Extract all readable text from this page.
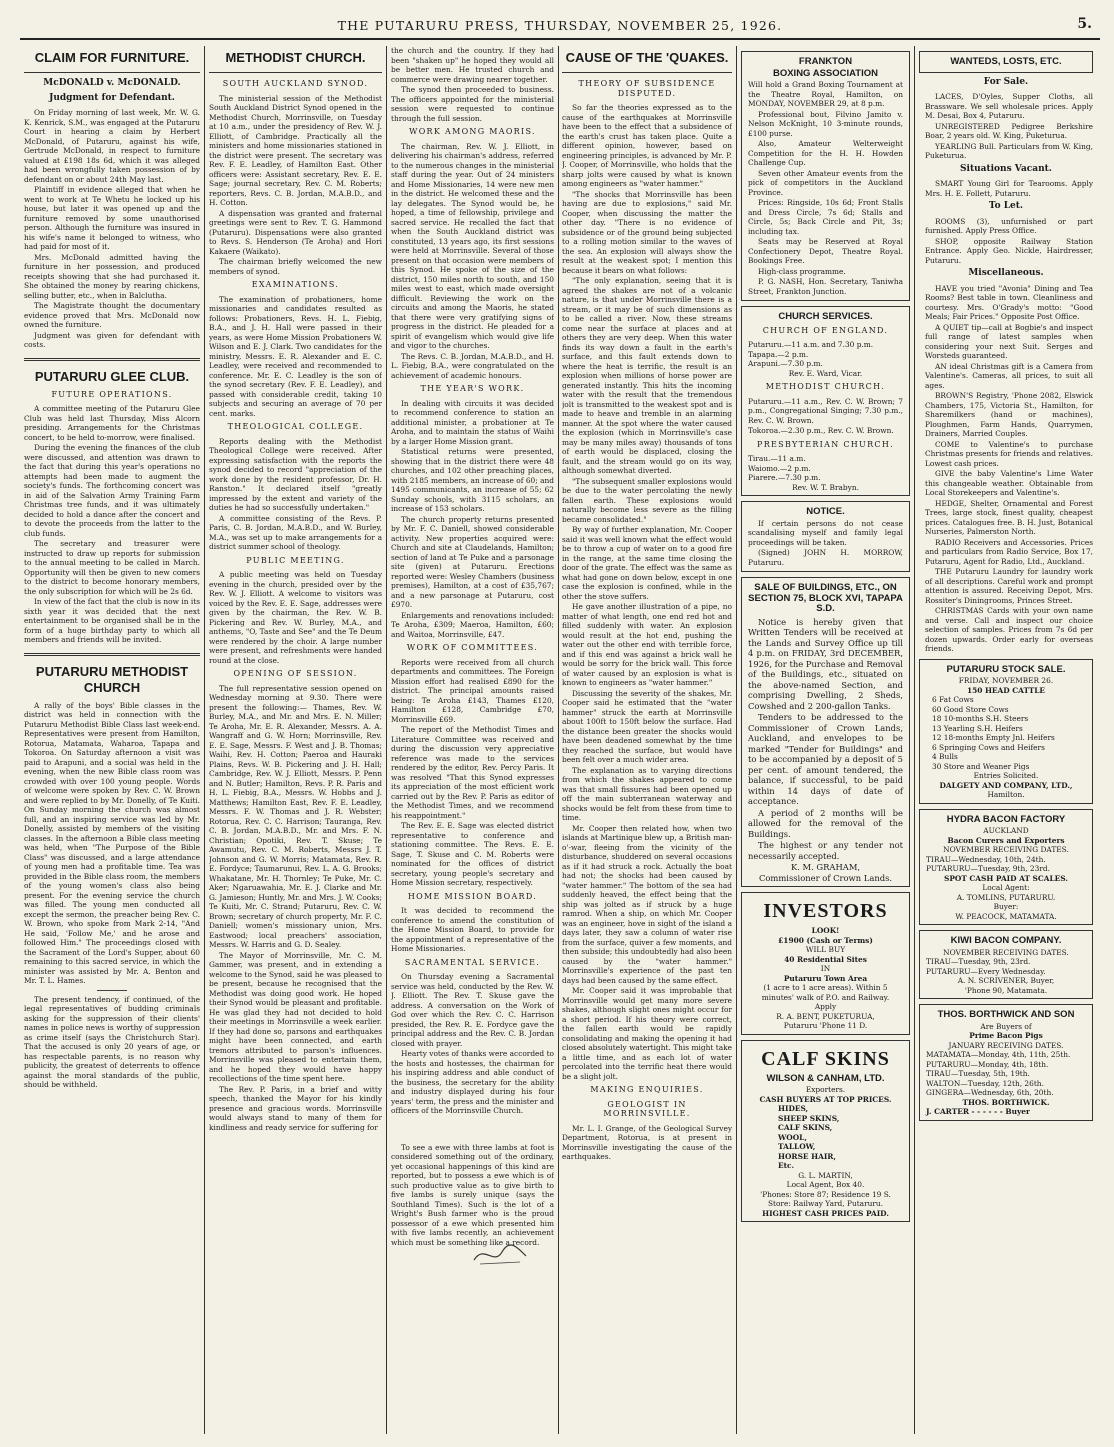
THE PUTARURU PRESS, THURSDAY, NOVEMBER 25, 1926.	5.
CLAIM FOR FURNITURE.
McDONALD v. McDONALD.
Judgment for Defendant.

On Friday morning of last week, Mr. W. G. K. Kenrick, S.M., was engaged at the Putaruru Court in hearing a claim by Herbert McDonald, of Putaruru, against his wife, Gertrude McDonald, in respect to furniture valued at £198 18s 6d, which it was alleged had been wrongfully taken possession of by defendant on or about 24th May last.

Plaintiff in evidence alleged that when he went to work at Te Whetu he locked up his house, but later it was opened up and the furniture removed by some unauthorised person. Although the furniture was insured in his wife's name it belonged to witness, who had paid for most of it.

Mrs. McDonald admitted having the furniture in her possession, and produced receipts showing that she had purchased it. She obtained the money by rearing chickens, selling butter, etc., when in Balclutha.

The Magistrate thought the documentary evidence proved that Mrs. McDonald now owned the furniture.

Judgment was given for defendant with costs.

PUTARURU GLEE CLUB.
FUTURE OPERATIONS.

A committee meeting of the Putaruru Glee Club was held last Thursday, Miss Alcorn presiding. Arrangements for the Christmas concert, to be held to-morrow, were finalised.

During the evening the finances of the club were discussed, and attention was drawn to the fact that during this year's operations no attempts had been made to augment the society's funds. The forthcoming concert was in aid of the Salvation Army Training Farm Christmas tree funds, and it was ultimately decided to hold a dance after the concert and to devote the proceeds from the latter to the club funds.

The secretary and treasurer were instructed to draw up reports for submission to the annual meeting to be called in March. Opportunity will then be given to new comers to the district to become honorary members, the only subscription for which will be 2s 6d.

In view of the fact that the club is now in its sixth year it was decided that the next entertainment to be organised shall be in the form of a huge birthday party to which all members and friends will be invited.

PUTARURU METHODIST CHURCH

A rally of the boys' Bible classes in the district was held in connection with the Putaruru Methodist Bible Class last week-end. Representatives were present from Hamilton, Rotorua, Matamata, Waharoa, Tapapa and Tokoroa. On Saturday afternoon a visit was paid to Arapuni, and a social was held in the evening, when the new Bible class room was crowded with over 100 young people. Words of welcome were spoken by Rev. C. W. Brown and were replied to by Mr. Donelly, of Te Kuiti. On Sunday morning the church was almost full, and an inspiring service was led by Mr. Donelly, assisted by members of the visiting classes. In the afternoon a Bible class meeting was held, when "The Purpose of the Bible Class" was discussed, and a large attendance of young men had a profitable time. Tea was provided in the Bible class room, the members of the young women's class also being present. For the evening service the church was filled. The young men conducted all except the sermon, the preacher being Rev. C. W. Brown, who spoke from Mark 2-14, "And He said, 'Follow Me,' and he arose and followed Him." The proceedings closed with the Sacrament of the Lord's Supper, about 60 remaining to this sacred service, in which the minister was assisted by Mr. A. Benton and Mr. T. L. Hames.

The present tendency, if continued, of the legal representatives of budding criminals asking for the suppression of their clients' names in police news is worthy of suppression as crime itself (says the Christchurch Star). That the accused is only 20 years of age, or has respectable parents, is no reason why publicity, the greatest of deterrents to offence against the moral standards of the public, should be withheld.

METHODIST CHURCH.
SOUTH AUCKLAND SYNOD.

The ministerial session of the Methodist South Auckland District Synod opened in the Methodist Church, Morrinsville, on Tuesday at 10 a.m., under the presidency of Rev. W. J. Elliott, of Cambridge. Practically all the ministers and home missionaries stationed in the district were present. The secretary was Rev. F. E. Leadley, of Hamilton East. Other officers were: Assistant secretary, Rev. E. E. Sage; journal secretary, Rev. C. M. Roberts; reporters, Revs. C. B. Jordan, M.A.B.D., and H. Cotton.

A dispensation was granted and fraternal greetings were sent to Rev. T. G. Hammond (Putaruru). Dispensations were also granted to Revs. S. Henderson (Te Aroha) and Hori Kakaere (Waikato).

The chairman briefly welcomed the new members of synod.

EXAMINATIONS.

The examination of probationers, home missionaries and candidates resulted as follows: Probationers, Revs. H. L. Fiebig, B.A., and J. H. Hall were passed in their years, as were Home Mission Probationers W. Wilson and E. J. Clark. Two candidates for the ministry, Messrs. E. R. Alexander and E. C. Leadley, were received and recommended to conference. Mr. E. C. Leadley is the son of the synod secretary (Rev. F. E. Leadley), and passed with considerable credit, taking 10 subjects and securing an average of 70 per cent. marks.

THEOLOGICAL COLLEGE.

Reports dealing with the Methodist Theological College were received. After expressing satisfaction with the reports the synod decided to record "appreciation of the work done by the resident professor, Dr. H. Ranston." It declared itself "greatly impressed by the extent and variety of the duties he had so successfully undertaken."

A committee consisting of the Revs. P. Paris, C. B. Jordan, M.A.B.D., and W. Burley, M.A., was set up to make arrangements for a district summer school of theology.

PUBLIC MEETING.

A public meeting was held on Tuesday evening in the church, presided over by the Rev. W. J. Elliott. A welcome to visitors was voiced by the Rev. E. E. Sage, addresses were given by the chairman, the Rev. W. B. Pickering and Rev. W. Burley, M.A., and anthems, "O, Taste and See" and the Te Deum were rendered by the choir. A large number were present, and refreshments were handed round at the close.

OPENING OF SESSION.

The full representative session opened on Wednesday morning at 9.30. There were present the following:— Thames, Rev. W. Burley, M.A., and Mr. and Mrs. E. N. Miller; Te Aroha, Mr. E. R. Alexander, Messrs. A. A. Wangraff and G. W. Horn; Morrinsville, Rev. E. E. Sage, Messrs. F. West and J. B. Thomas; Waihi, Rev. H. Cotton; Paeroa and Hauraki Plains, Revs. W. B. Pickering and J. H. Hall; Cambridge, Rev. W. J. Elliott, Messrs. P. Penn and N. Butler; Hamilton, Revs. P. R. Paris and H. L. Fiebig, B.A., Messrs. W. Hobbs and J. Matthews; Hamilton East, Rev. F. E. Leadley, Messrs. F. W. Thomas and J. R. Webster; Rotorua, Rev. C. C. Harrison; Tauranga, Rev. C. B. Jordan, M.A.B.D., Mr. and Mrs. F. N. Christian; Opotiki, Rev. T. Skuse; Te Awamutu, Rev. C. M. Roberts, Messrs J. T. Johnson and G. W. Morris; Matamata, Rev. R. E. Fordyce; Taumarunui, Rev. L. A. G. Brooks; Whakatane, Mr. H. Thornley; Te Puke, Mr. C. Aker; Ngaruawahia, Mr. E. J. Clarke and Mr. G. Jamieson; Huntly, Mr. and Mrs. J. W. Cooks; Te Kuiti, Mr. C. Strand; Putaruru, Rev. C. W. Brown; secretary of church property, Mr. F. C. Daniell; women's missionary union, Mrs. Eastwood; local preachers' association, Messrs. W. Harris and G. D. Sealey.

The Mayor of Morrinsville, Mr. C. M. Gammer, was present, and in extending a welcome to the Synod, said he was pleased to be present, because he recognised that the Methodist was doing good work. He hoped their Synod would be pleasant and profitable. He was glad they had not decided to hold their meetings in Morrinsville a week earlier. If they had done so, parsons and earthquakes might have been connected, and earth tremors attributed to parson's influences. Morrinsville was pleased to entertain them, and he hoped they would have happy recollections of the time spent here.

The Rev. P. Paris, in a brief and witty speech, thanked the Mayor for his kindly presence and gracious words. Morrinsville would always stand to many of them for kindliness and ready service for suffering for

the church and the country. If they had been "shaken up" he hoped they would all be better men. He trusted church and commerce were drawing nearer together.

The synod then proceeded to business. The officers appointed for the ministerial session were requested to continue through the full session.

WORK AMONG MAORIS.

The chairman, Rev. W. J. Elliott, in delivering his chairman's address, referred to the numerous changes in the ministerial staff during the year. Out of 24 ministers and Home Missionaries, 14 were new men in the district. He welcomed these and the lay delegates. The Synod would be, he hoped, a time of fellowship, privilege and sacred service. He recalled the fact that when the South Auckland district was constituted, 13 years ago, its first sessions were held at Morrinsville. Several of those present on that occasion were members of this Synod. He spoke of the size of the district, 150 miles north to south, and 150 miles west to east, which made oversight difficult. Reviewing the work on the circuits and among the Maoris, he stated that there were very gratifying signs of progress in the district. He pleaded for a spirit of evangelism which would give life and vigor to the churches.

The Revs. C. B. Jordan, M.A.B.D., and H. L. Fiebig, B.A., were congratulated on the achievement of academic honours.

THE YEAR'S WORK.

In dealing with circuits it was decided to recommend conference to station an additional minister, a probationer at Te Aroha, and to maintain the status of Waihi by a larger Home Mission grant.

Statistical returns were presented, showing that in the district there were 48 churches, and 102 other preaching places, with 2185 members, an increase of 60; and 1495 communicants, an increase of 55; 62 Sunday schools, with 3115 scholars, an increase of 153 scholars.

The church property returns presented by Mr. F. C. Daniell, showed considerable activity. New properties acquired were: Church and site at Claudelands, Hamilton; section of land at Te Puke and a parsonage site (given) at Putaruru. Erections reported were: Wesley Chambers (business premises), Hamilton, at a cost of £35,767; and a new parsonage at Putaruru, cost £970.

Enlargements and renovations included: Te Aroha, £309; Maeroa, Hamilton, £60; and Waitoa, Morrinsville, £47.

WORK OF COMMITTEES.

Reports were received from all church departments and committees. The Foreign Mission effort had realised £890 for the district. The principal amounts raised being: Te Aroha £143, Thames £120, Hamilton £128, Cambridge £70, Morrinsville £69.

The report of the Methodist Times and Literature Committee was received and during the discussion very appreciative reference was made to the services rendered by the editor, Rev. Percy Paris. It was resolved "That this Synod expresses its appreciation of the most efficient work carried out by the Rev. P. Paris as editor of the Methodist Times, and we recommend his reappointment."

The Rev. E. E. Sage was elected district representative to conference and stationing committee. The Revs. E. E. Sage, T. Skuse and C. M. Roberts were nominated for the offices of district secretary, young people's secretary and Home Mission secretary, respectively.

HOME MISSION BOARD.

It was decided to recommend the conference to amend the constitution of the Home Mission Board, to provide for the appointment of a representative of the Home Missionaries.

SACRAMENTAL SERVICE.

On Thursday evening a Sacramental service was held, conducted by the Rev. W. J. Elliott. The Rev. T. Skuse gave the address. A conversation on the Work of God over which the Rev. C. C. Harrison presided, the Rev. R. E. Fordyce gave the principal address and the Rev. C. B. Jordan closed with prayer.

Hearty votes of thanks were accorded to the hosts and hostesses, the chairman for his inspiring address and able conduct of the business, the secretary for the ability and industry displayed during his four years' term, the press and the minister and officers of the Morrinsville Church.

To see a ewe with three lambs at foot is considered something out of the ordinary, yet occasional happenings of this kind are reported, but to possess a ewe which is of such productive value as to give birth to five lambs is surely unique (says the Southland Times). Such is the lot of a Wright's Bush farmer who is the proud possessor of a ewe which presented him with five lambs recently, an achievement which must be something like a record.

CAUSE OF THE 'QUAKES.
THEORY OF SUBSIDENCE DISPUTED.

So far the theories expressed as to the cause of the earthquakes at Morrinsville have been to the effect that a subsidence of the earth's crust has taken place. Quite a different opinion, however, based on engineering principles, is advanced by Mr. P. J. Cooper, of Morrinsville, who holds that the sharp jolts were caused by what is known among engineers as "water hammer."

"The shocks that Morrinsville has been having are due to explosions," said Mr. Cooper, when discussing the matter the other day. "There is no evidence of subsidence or of the ground being subjected to a rolling motion similar to the waves of the sea. An explosion will always show the result at the weakest spot; I mention this because it bears on what follows:

"The only explanation, seeing that it is agreed the shakes are not of a volcanic nature, is that under Morrinsville there is a stream, or it may be of such dimensions as to be called a river. Now, these streams come near the surface at places and at others they are very deep. When this water finds its way down a fault in the earth's surface, and this fault extends down to where the heat is terrific, the result is an explosion when millions of horse power are generated instantly. This hits the incoming water with the result that the tremendous jolt is transmitted to the weakest spot and is made to heave and tremble in an alarming manner. At the spot where the water caused the explosion (which in Morrinsville's case may be many miles away) thousands of tons of earth would be displaced, closing the fault, and the stream would go on its way, although somewhat diverted.

"The subsequent smaller explosions would be due to the water percolating the newly fallen earth. These explosions would naturally become less severe as the filling became consolidated."

By way of further explanation, Mr. Cooper said it was well known what the effect would be to throw a cup of water on to a good fire in the range, at the same time closing the door of the grate. The effect was the same as what had gone on down below, except in one case the explosion is confined, while in the other the stove suffers.

He gave another illustration of a pipe, no matter of what length, one end red hot and filled suddenly with water. An explosion would result at the hot end, pushing the water out the other end with terrible force, and if this end was against a brick wall he would be sorry for the brick wall. This force of water caused by an explosion is what is known to engineers as "water hammer."

Discussing the severity of the shakes, Mr. Cooper said he estimated that the "water hammer" struck the earth at Morrinsville about 100ft to 150ft below the surface. Had the distance been greater the shocks would have been deadened somewhat by the time they reached the surface, but would have been felt over a much wider area.

The explanation as to varying directions from which the shakes appeared to come was that small fissures had been opened up off the main subterranean waterway and shocks would be felt from these from time to time.

Mr. Cooper then related how, when two islands at Martinique blew up, a British man-o'-war, fleeing from the vicinity of the disturbance, shuddered on several occasions as if it had struck a rock. Actually the boat had not; the shocks had been caused by "water hammer." The bottom of the sea had suddenly heaved, the effect being that the ship was jolted as if struck by a huge ramrod. When a ship, on which Mr. Cooper was an engineer, hove in sight of the island a days later, they saw a column of water rise from the surface, quiver a few moments, and then subside; this undoubtedly had also been caused by the "water hammer." Morrinsville's experience of the past ten days had been caused by the same effect.

Mr. Cooper said it was improbable that Morrinsville would get many more severe shakes, although slight ones might occur for a short period. If his theory were correct, the fallen earth would be rapidly consolidating and making the opening it had closed absolutely watertight. This might take a little time, and as each lot of water percolated into the terrific heat there would be a slight jolt.

MAKING ENQUIRIES.
GEOLOGIST IN MORRINSVILLE.

Mr. L. I. Grange, of the Geological Survey Department, Rotorua, is at present in Morrinsville investigating the cause of the earthquakes.

FRANKTON
BOXING ASSOCIATION

Will hold a Grand Boxing Tournament at the Theatre Royal, Hamilton, on MONDAY, NOVEMBER 29, at 8 p.m.

Professional bout, Filvino Jamito v. Nelson McKnight, 10 3-minute rounds, £100 purse.

Also, Amateur Welterweight Competition for the H. H. Howden Challenge Cup.

Seven other Amateur events from the pick of competitors in the Auckland Province.

Prices: Ringside, 10s 6d; Front Stalls and Dress Circle, 7s 6d; Stalls and Circle, 5s; Back Circle and Pit, 3s; including tax.

Seats may be Reserved at Royal Confectionery Depot, Theatre Royal. Bookings Free.

High-class programme.

P. G. NASH, Hon. Secretary, Taniwha Street, Frankton Junction.

CHURCH SERVICES.
CHURCH OF ENGLAND.
Putaruru.—11 a.m. and 7.30 p.m.
Tapapa.—2 p.m.
Arapuni.—7.30 p.m.
Rev. E. Ward, Vicar.
METHODIST CHURCH.

Putaruru.—11 a.m., Rev. C. W. Brown; 7 p.m., Congregational Singing; 7.30 p.m., Rev. C. W. Brown.

Tokoroa.—2.30 p.m., Rev. C. W. Brown.

PRESBYTERIAN CHURCH.
Tirau.—11 a.m.
Waiomo.—2 p.m.
Piarere.—7.30 p.m.
Rev. W. T. Brabyn.
NOTICE.

If certain persons do not cease scandalising myself and family legal proceedings will be taken.

(Signed) JOHN H. MORROW, Putaruru.

SALE OF BUILDINGS, ETC., ON SECTION 75, BLOCK XVI, TAPAPA S.D.

Notice is hereby given that Written Tenders will be received at the Lands and Survey Office up till 4 p.m. on FRIDAY, 3rd DECEMBER, 1926, for the Purchase and Removal of the Buildings, etc., situated on the above-named Section, and comprising Dwelling, 2 Sheds, Cowshed and 2 200-gallon Tanks.

Tenders to be addressed to the Commissioner of Crown Lands, Auckland, and envelopes to be marked "Tender for Buildings" and to be accompanied by a deposit of 5 per cent. of amount tendered, the balance, if successful, to be paid within 14 days of date of acceptance.

A period of 2 months will be allowed for the removal of the Buildings.

The highest or any tender not necessarily accepted.

K. M. GRAHAM,
Commissioner of Crown Lands.
INVESTORS
LOOK!
£1900 (Cash or Terms)
WILL BUY
40 Residential Sites
IN
Putaruru Town Area
(1 acre to 1 acre areas). Within 5 minutes' walk of P.O. and Railway.
Apply
R. A. BENT, PUKETURUA,
Putaruru 'Phone 11 D.
CALF SKINS
WILSON & CANHAM, LTD.
Exporters.
CASH BUYERS AT TOP PRICES.
HIDES,
SHEEP SKINS,
CALF SKINS,
WOOL,
TALLOW,
HORSE HAIR,
Etc.
G. L. MARTIN,
Local Agent, Box 40.
'Phones: Store 87; Residence 19 S.
Store: Railway Yard, Putaruru.
HIGHEST CASH PRICES PAID.
WANTEDS, LOSTS, ETC.
For Sale.

LACES, D'Oyles, Supper Cloths, all Brassware. We sell wholesale prices. Apply M. Desai, Box 4, Putaruru.

UNREGISTERED Pedigree Berkshire Boar, 2 years old. W. King, Puketurua.

YEARLING Bull. Particulars from W. King, Puketurua.

Situations Vacant.

SMART Young Girl for Tearooms. Apply Mrs. H. E. Follett, Putaruru.

To Let.

ROOMS (3), unfurnished or part furnished. Apply Press Office.

SHOP, opposite Railway Station Entrance. Apply Geo. Nickle, Hairdresser, Putaruru.

Miscellaneous.

HAVE you tried "Avonia" Dining and Tea Rooms? Best table in town. Cleanliness and courtesy. Mrs. O'Grady's motto: "Good Meals; Fair Prices." Opposite Post Office.

A QUIET tip—call at Bogbie's and inspect full range of latest samples when considering your next Suit. Serges and Worsteds guaranteed.

AN ideal Christmas gift is a Camera from Valentine's. Cameras, all prices, to suit all ages.

BROWN'S Registry, 'Phone 2082, Elswick Chambers, 175, Victoria St., Hamilton, for Sharemilkers (hand or machines), Ploughmen, Farm Hands, Quarrymen, Drainers, Married Couples.

COME to Valentine's to purchase Christmas presents for friends and relatives. Lowest cash prices.

GIVE the baby Valentine's Lime Water this changeable weather. Obtainable from Local Storekeepers and Valentine's.

HEDGE, Shelter, Ornamental and Forest Trees, large stock, finest quality, cheapest prices. Catalogues free. B. H. Just, Botanical Nurseries, Palmerston North.

RADIO Receivers and Accessories. Prices and particulars from Radio Service, Box 17, Putaruru, Agent for Radio, Ltd., Auckland.

THE Putaruru Laundry for laundry work of all descriptions. Careful work and prompt attention is assured. Receiving Depot, Mrs. Rossiter's Diningrooms, Princes Street.

CHRISTMAS Cards with your own name and verse. Call and inspect our choice selection of samples. Prices from 7s 6d per dozen upwards. Order early for overseas friends.

PUTARURU STOCK SALE.
FRIDAY, NOVEMBER 26.
150 HEAD CATTLE
6 Fat Cows
60 Good Store Cows
18 10-months S.H. Steers
13 Yearling S.H. Heifers
12 18-months Empty Jnl. Heifers
6 Springing Cows and Heifers
4 Bulls
30 Store and Weaner Pigs
Entries Solicited.
DALGETY AND COMPANY, LTD.,
Hamilton.
HYDRA BACON FACTORY
AUCKLAND
Bacon Curers and Exporters
NOVEMBER RECEIVING DATES.
TIRAU—Wednesday, 10th, 24th.
PUTARURU—Tuesday, 9th, 23rd.
SPOT CASH PAID AT SCALES.
Local Agent:
A. TOMLINS, PUTARURU.
Buyer:
W. PEACOCK, MATAMATA.
KIWI BACON COMPANY.
NOVEMBER RECEIVING DATES.
TIRAU—Tuesday, 9th, 23rd.
PUTARURU—Every Wednesday.
A. N. SCRIVENER, Buyer,
'Phone 90, Matamata.
THOS. BORTHWICK AND SON
Are Buyers of
Prime Bacon Pigs
JANUARY RECEIVING DATES.
MATAMATA—Monday, 4th, 11th, 25th.
PUTARURU—Monday, 4th, 18th.
TIRAU—Tuesday, 5th, 19th.
WALTON—Tuesday, 12th, 26th.
GINGERA—Wednesday, 6th, 20th.
THOS. BORTHWICK.
J. CARTER - - - - - - Buyer
